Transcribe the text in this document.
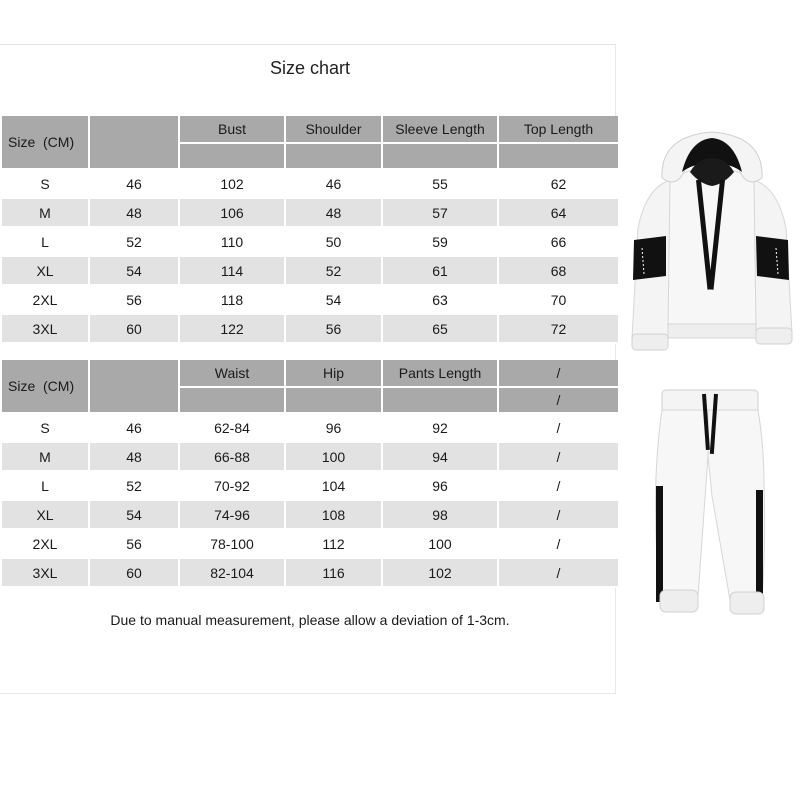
Size chart
Size  (CM)		Bust	Shoulder	Sleeve Length	Top Length

S	46	102	46	55	62
M	48	106	48	57	64
L	52	110	50	59	66
XL	54	114	52	61	68
2XL	56	118	54	63	70
3XL	60	122	56	65	72
Size  (CM)		Waist	Hip	Pants Length	/
					/
S	46	62-84	96	92	/
M	48	66-88	100	94	/
L	52	70-92	104	96	/
XL	54	74-96	108	98	/
2XL	56	78-100	112	100	/
3XL	60	82-104	116	102	/
Due to manual measurement, please allow a deviation of 1-3cm.
